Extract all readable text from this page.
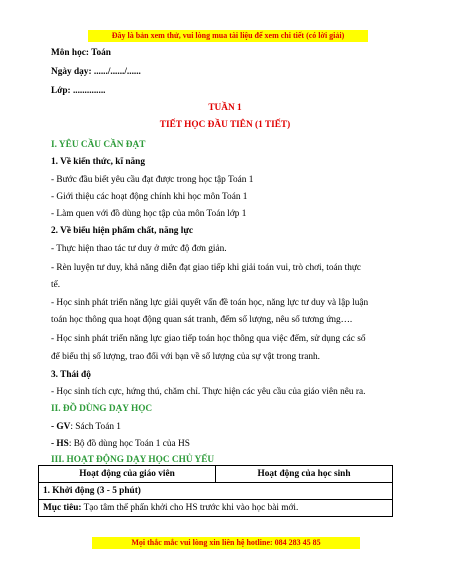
Đây là bản xem thử, vui lòng mua tài liệu để xem chi tiết (có lời giải)
Môn học: Toán
Ngày dạy: ....../....../......
Lớp: ..............
TUẦN 1
TIẾT HỌC ĐẦU TIÊN (1 TIẾT)
I. YÊU CẦU CẦN ĐẠT
1. Về kiến thức, kĩ năng
- Bước đầu biết yêu cầu đạt được trong học tập Toán 1
- Giới thiệu các hoạt động chính khi học môn Toán 1
- Làm quen với đồ dùng học tập của môn Toán lớp 1
2. Về biểu hiện phẩm chất, năng lực
- Thực hiện thao tác tư duy ở mức độ đơn giản.
- Rèn luyện tư duy, khả năng diễn đạt giao tiếp khi giải toán vui, trò chơi, toán thực
tế.
- Học sinh phát triển năng lực giải quyết vấn đề toán học, năng lực tư duy và lập luận
toán học thông qua hoạt động quan sát tranh, đếm số lượng, nêu số tương ứng….
- Học sinh phát triển năng lực giao tiếp toán học thông qua việc đếm, sử dụng các số
để biểu thị số lượng, trao đổi với bạn về số lượng của sự vật trong tranh.
3. Thái độ
- Học sinh tích cực, hứng thú, chăm chỉ. Thực hiện các yêu cầu của giáo viên nêu ra.
II. ĐỒ DÙNG DẠY HỌC
- GV: Sách Toán 1
- HS: Bộ đồ dùng học Toán 1 của HS
III. HOẠT ĐỘNG DẠY HỌC CHỦ YẾU
Hoạt động của giáo viên	Hoạt động của học sinh
1. Khởi động (3 - 5 phút)
Mục tiêu: Tạo tâm thế phấn khởi cho HS trước khi vào học bài mới.
Mọi thắc mắc vui lòng xin liên hệ hotline: 084 283 45 85
